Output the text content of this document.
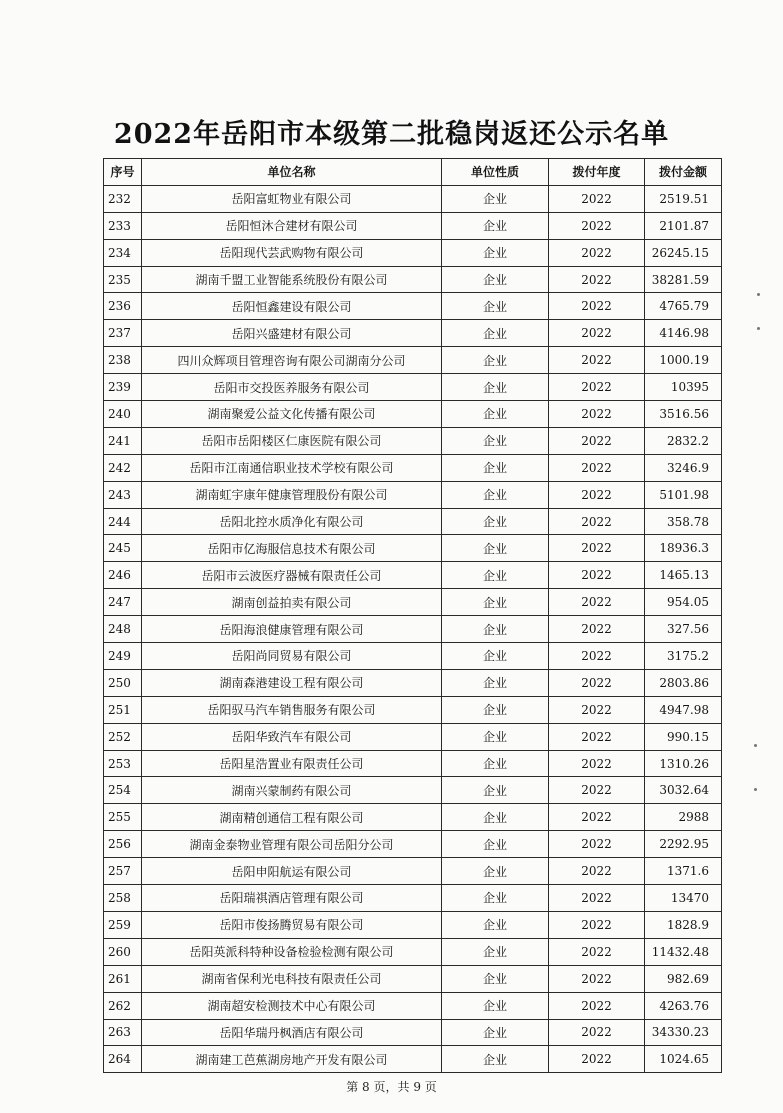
2022年岳阳市本级第二批稳岗返还公示名单
序号	单位名称	单位性质	拨付年度	拨付金额
232	岳阳富虹物业有限公司	企业	2022	2519.51
233	岳阳恒沐合建材有限公司	企业	2022	2101.87
234	岳阳现代芸武购物有限公司	企业	2022	26245.15
235	湖南千盟工业智能系统股份有限公司	企业	2022	38281.59
236	岳阳恒鑫建设有限公司	企业	2022	4765.79
237	岳阳兴盛建材有限公司	企业	2022	4146.98
238	四川众辉项目管理咨询有限公司湖南分公司	企业	2022	1000.19
239	岳阳市交投医养服务有限公司	企业	2022	10395
240	湖南聚爱公益文化传播有限公司	企业	2022	3516.56
241	岳阳市岳阳楼区仁康医院有限公司	企业	2022	2832.2
242	岳阳市江南通信职业技术学校有限公司	企业	2022	3246.9
243	湖南虹宇康年健康管理股份有限公司	企业	2022	5101.98
244	岳阳北控水质净化有限公司	企业	2022	358.78
245	岳阳市亿海服信息技术有限公司	企业	2022	18936.3
246	岳阳市云波医疗器械有限责任公司	企业	2022	1465.13
247	湖南创益拍卖有限公司	企业	2022	954.05
248	岳阳海浪健康管理有限公司	企业	2022	327.56
249	岳阳尚同贸易有限公司	企业	2022	3175.2
250	湖南森港建设工程有限公司	企业	2022	2803.86
251	岳阳驭马汽车销售服务有限公司	企业	2022	4947.98
252	岳阳华致汽车有限公司	企业	2022	990.15
253	岳阳星浩置业有限责任公司	企业	2022	1310.26
254	湖南兴蒙制药有限公司	企业	2022	3032.64
255	湖南精创通信工程有限公司	企业	2022	2988
256	湖南金泰物业管理有限公司岳阳分公司	企业	2022	2292.95
257	岳阳申阳航运有限公司	企业	2022	1371.6
258	岳阳瑞祺酒店管理有限公司	企业	2022	13470
259	岳阳市俊扬腾贸易有限公司	企业	2022	1828.9
260	岳阳英派科特种设备检验检测有限公司	企业	2022	11432.48
261	湖南省保利光电科技有限责任公司	企业	2022	982.69
262	湖南超安检测技术中心有限公司	企业	2022	4263.76
263	岳阳华瑞丹枫酒店有限公司	企业	2022	34330.23
264	湖南建工芭蕉湖房地产开发有限公司	企业	2022	1024.65
第 8 页，共 9 页
